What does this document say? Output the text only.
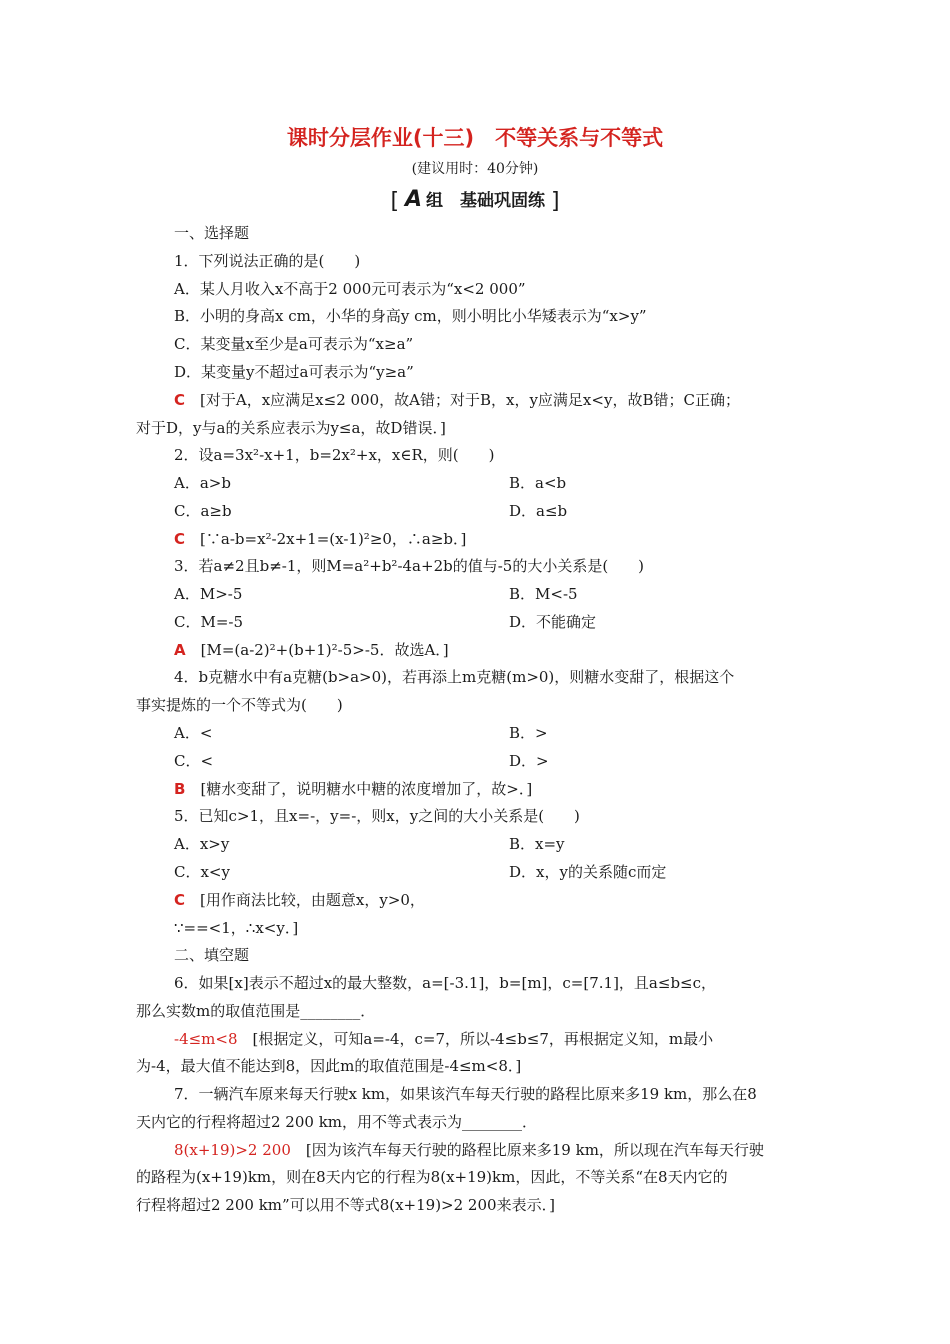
课时分层作业(十三)　不等关系与不等式

(建议用时：40分钟)

[ A 组　基础巩固练 ]

一、选择题

1．下列说法正确的是(　　)

A．某人月收入x不高于2 000元可表示为“x<2 000”

B．小明的身高x cm，小华的身高y cm，则小明比小华矮表示为“x>y”

C．某变量x至少是a可表示为“x≥a”

D．某变量y不超过a可表示为“y≥a”

C　 [对于A，x应满足x≤2 000，故A错；对于B，x，y应满足x<y，故B错；C正确；

对于D，y与a的关系应表示为y≤a，故D错误．]

2．设a=3x²-x+1，b=2x²+x，x∈R，则(　　)

A．a>b	B．a<b

C．a≥b	D．a≤b

C　 [∵a-b=x²-2x+1=(x-1)²≥0，∴a≥b．]

3．若a≠2且b≠-1，则M=a²+b²-4a+2b的值与-5的大小关系是(　　)

A．M>-5	B．M<-5

C．M=-5	D．不能确定

A　 [M=(a-2)²+(b+1)²-5>-5．故选A．]

4．b克糖水中有a克糖(b>a>0)，若再添上m克糖(m>0)，则糖水变甜了，根据这个

事实提炼的一个不等式为(　　)

A．<	B．>

C．<	D．>

B　 [糖水变甜了，说明糖水中糖的浓度增加了，故>．]

5．已知c>1，且x=-，y=-，则x，y之间的大小关系是(　　)

A．x>y	B．x=y

C．x<y	D．x，y的关系随c而定

C　 [用作商法比较，由题意x，y>0，

∵==<1，∴x<y．]

二、填空题

6．如果[x]表示不超过x的最大整数，a=[-3.1]，b=[m]，c=[7.1]，且a≤b≤c，

那么实数m的取值范围是________．

-4≤m<8　 [根据定义，可知a=-4，c=7，所以-4≤b≤7，再根据定义知，m最小

为-4，最大值不能达到8，因此m的取值范围是-4≤m<8．]

7．一辆汽车原来每天行驶x km，如果该汽车每天行驶的路程比原来多19 km，那么在8

天内它的行程将超过2 200 km，用不等式表示为________．

8(x+19)>2 200　 [因为该汽车每天行驶的路程比原来多19 km，所以现在汽车每天行驶

的路程为(x+19)km，则在8天内它的行程为8(x+19)km，因此，不等关系“在8天内它的

行程将超过2 200 km”可以用不等式8(x+19)>2 200来表示．]
